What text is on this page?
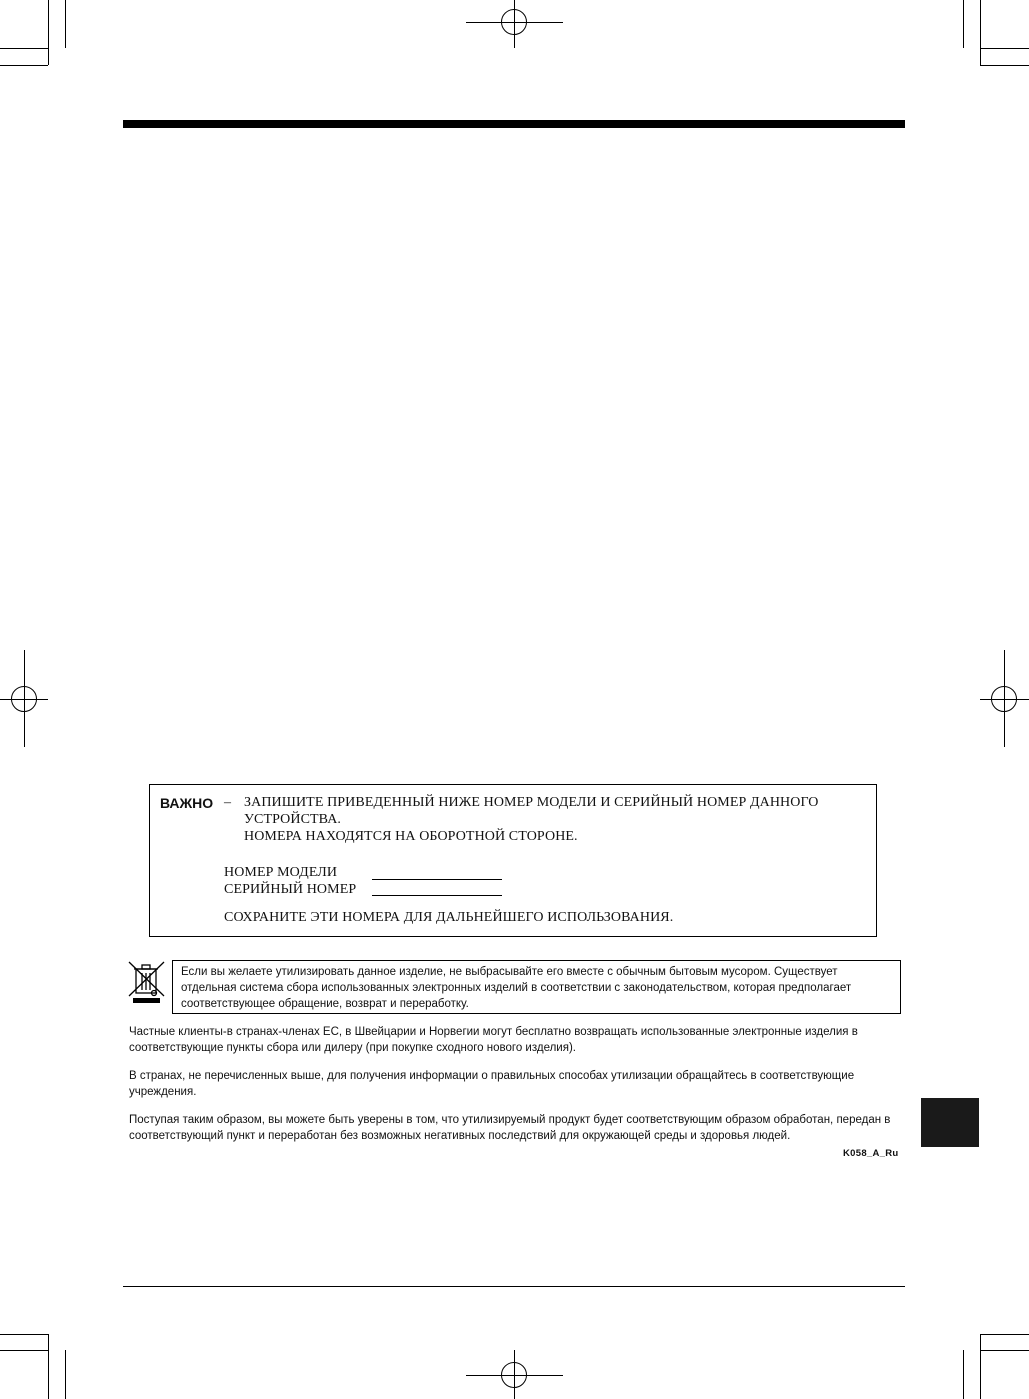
ВАЖНО – ЗАПИШИТЕ ПРИВЕДЕННЫЙ НИЖЕ НОМЕР МОДЕЛИ И СЕРИЙНЫЙ НОМЕР ДАННОГО
УСТРОЙСТВА.
НОМЕРА НАХОДЯТСЯ НА ОБОРОТНОЙ СТОРОНЕ.
НОМЕР МОДЕЛИ
СЕРИЙНЫЙ НОМЕР
СОХРАНИТЕ ЭТИ НОМЕРА ДЛЯ ДАЛЬНЕЙШЕГО ИСПОЛЬЗОВАНИЯ.
Если вы желаете утилизировать данное изделие, не выбрасывайте его вместе с обычным бытовым мусором. Существует отдельная система сбора использованных электронных изделий в соответствии с законодательством, которая предполагает соответствующее обращение, возврат и переработку.
Частные клиенты-в странах-членах ЕС, в Швейцарии и Норвегии могут бесплатно возвращать использованные электронные изделия в соответствующие пункты сбора или дилеру (при покупке сходного нового изделия).
В странах, не перечисленных выше, для получения информации о правильных способах утилизации обращайтесь в соответствующие учреждения.
Поступая таким образом, вы можете быть уверены в том, что утилизируемый продукт будет соответствующим образом обработан, передан в соответствующий пункт и переработан без возможных негативных последствий для окружающей среды и здоровья людей.
K058_A_Ru
